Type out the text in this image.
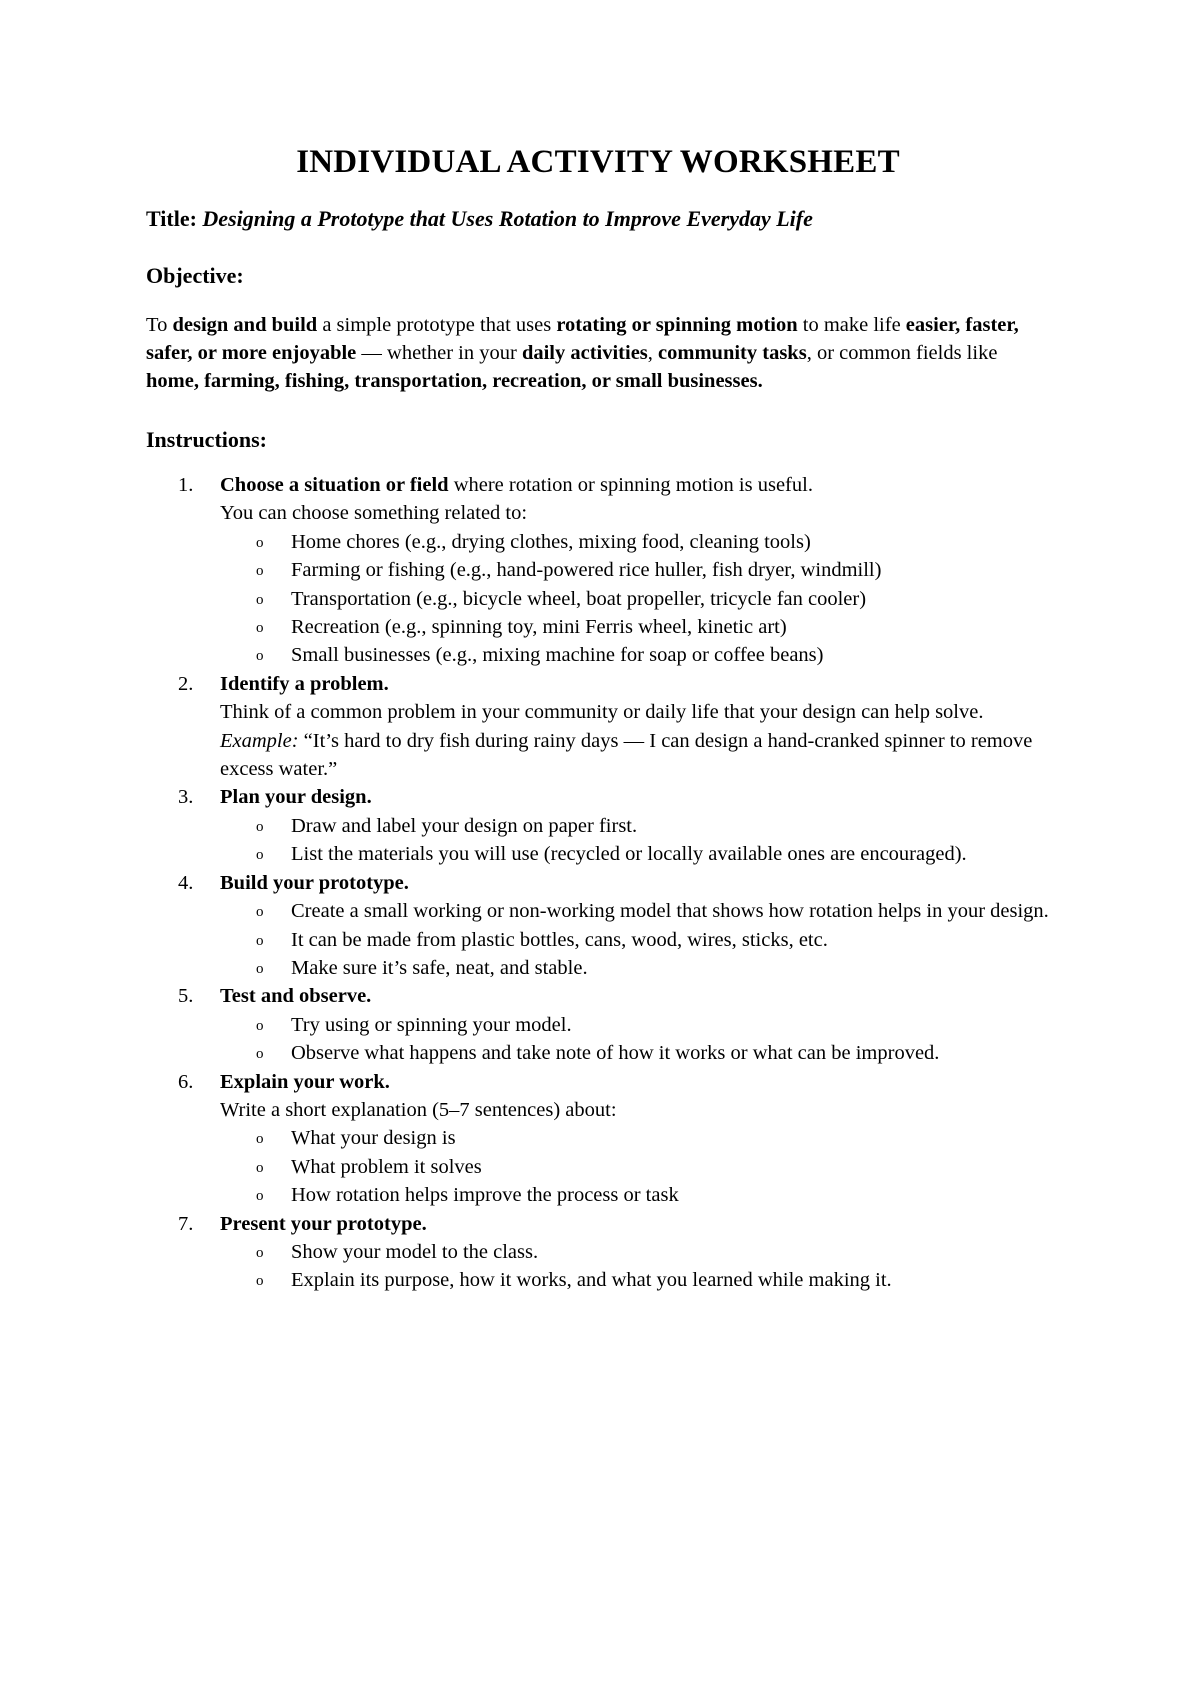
INDIVIDUAL ACTIVITY WORKSHEET

Title: Designing a Prototype that Uses Rotation to Improve Everyday Life

Objective:

To design and build a simple prototype that uses rotating or spinning motion to make life easier, faster, safer, or more enjoyable — whether in your daily activities, community tasks, or common fields like home, farming, fishing, transportation, recreation, or small businesses.

Instructions:
1.	Choose a situation or field where rotation or spinning motion is useful.
You can choose something related to:
o Home chores (e.g., drying clothes, mixing food, cleaning tools)
o Farming or fishing (e.g., hand-powered rice huller, fish dryer, windmill)
o Transportation (e.g., bicycle wheel, boat propeller, tricycle fan cooler)
o Recreation (e.g., spinning toy, mini Ferris wheel, kinetic art)
o Small businesses (e.g., mixing machine for soap or coffee beans)
2.	Identify a problem.
Think of a common problem in your community or daily life that your design can help solve.
Example: “It’s hard to dry fish during rainy days — I can design a hand-cranked spinner to remove excess water.”
3.	Plan your design.
o Draw and label your design on paper first.
o List the materials you will use (recycled or locally available ones are encouraged).
4.	Build your prototype.
o Create a small working or non-working model that shows how rotation helps in your design.
o It can be made from plastic bottles, cans, wood, wires, sticks, etc.
o Make sure it’s safe, neat, and stable.
5.	Test and observe.
o Try using or spinning your model.
o Observe what happens and take note of how it works or what can be improved.
6.	Explain your work.
Write a short explanation (5–7 sentences) about:
o What your design is
o What problem it solves
o How rotation helps improve the process or task
7.	Present your prototype.
o Show your model to the class.
o Explain its purpose, how it works, and what you learned while making it.
